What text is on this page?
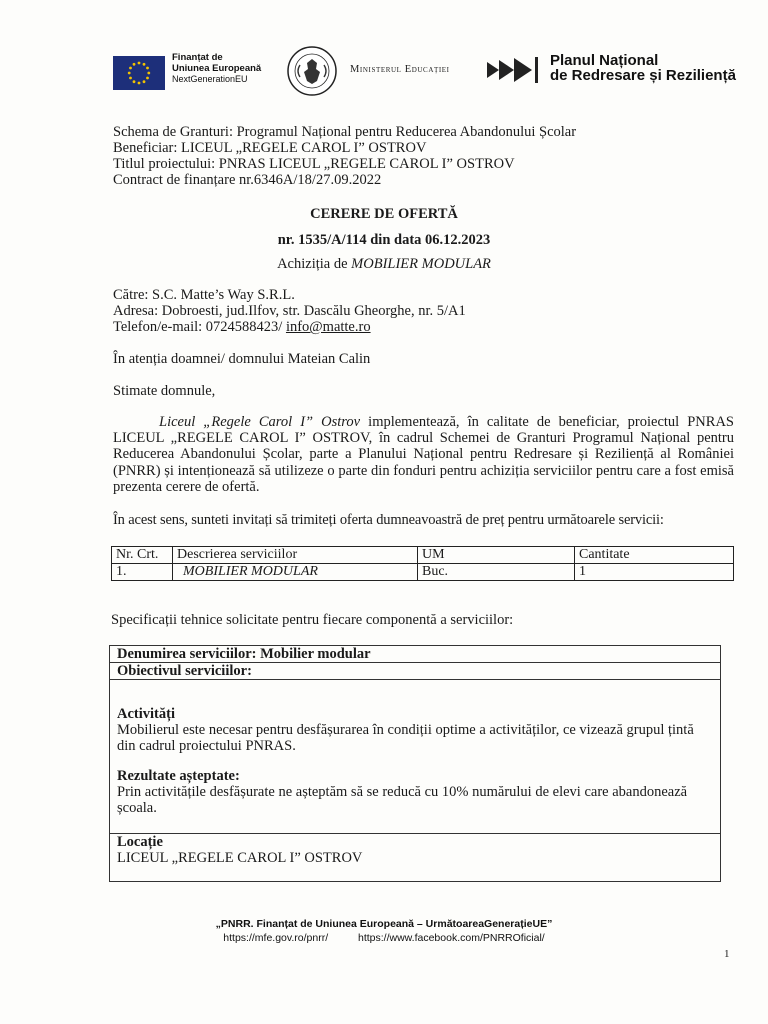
Finanțat de
Uniunea Europeană
NextGenerationEU
Ministerul Educației
Planul Național
de Redresare și Reziliență
Schema de Granturi: Programul Național pentru Reducerea Abandonului Școlar
Beneficiar: LICEUL „REGELE CAROL I” OSTROV
Titlul proiectului: PNRAS LICEUL „REGELE CAROL I” OSTROV
Contract de finanțare nr.6346A/18/27.09.2022
CERERE DE OFERTĂ
nr. 1535/A/114 din data 06.12.2023
Achiziția de MOBILIER MODULAR
Către: S.C. Matte’s Way S.R.L.
Adresa: Dobroesti, jud.Ilfov, str. Dascălu Gheorghe, nr. 5/A1
Telefon/e-mail: 0724588423/ info@matte.ro
În atenția doamnei/ domnului Mateian Calin
Stimate domnule,
Liceul „Regele Carol I” Ostrov implementează, în calitate de beneficiar, proiectul PNRAS LICEUL „REGELE CAROL I” OSTROV, în cadrul Schemei de Granturi Programul Național pentru Reducerea Abandonului Școlar, parte a Planului Național pentru Redresare și Reziliență al României (PNRR) și intenționează să utilizeze o parte din fonduri pentru achiziția serviciilor pentru care a fost emisă prezenta cerere de ofertă.
În acest sens, sunteti invitați să trimiteți oferta dumneavoastră de preț pentru următoarele servicii:
Nr. Crt.	Descrierea serviciilor	UM	Cantitate
1.	MOBILIER MODULAR	Buc.	1
Specificații tehnice solicitate pentru fiecare componentă a serviciilor:
Denumirea serviciilor: Mobilier modular
Obiectivul serviciilor:
Activități
Mobilierul este necesar pentru desfășurarea în condiții optime a activităților, ce vizează grupul țintă din cadrul proiectului PNRAS.
Rezultate așteptate:
Prin activitățile desfășurate ne așteptăm să se reducă cu 10% numărului de elevi care abandonează școala.
Locație
LICEUL „REGELE CAROL I” OSTROV
„PNRR. Finanțat de Uniunea Europeană – UrmătoareaGenerațieUE”
https://mfe.gov.ro/pnrr/	https://www.facebook.com/PNRROficial/
1
